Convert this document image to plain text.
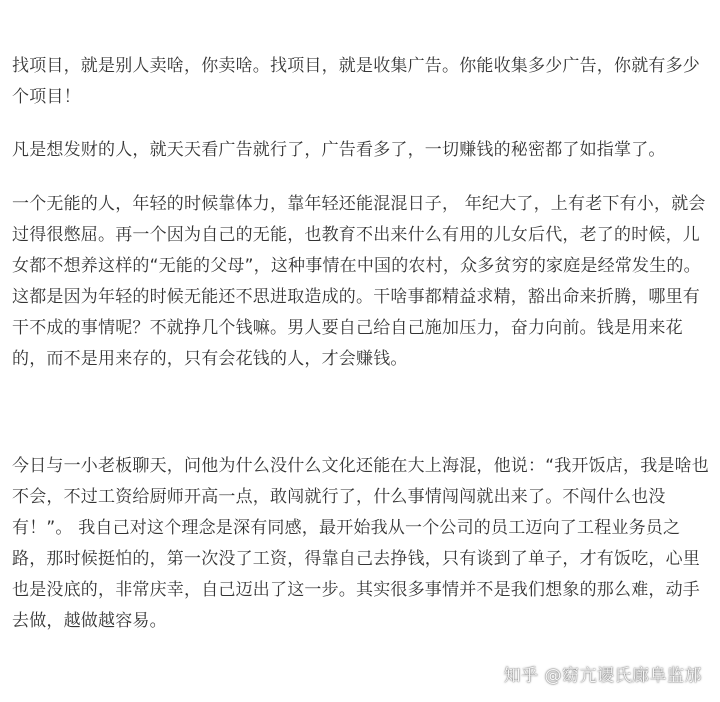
找项目，就是别人卖啥，你卖啥。找项目，就是收集广告。你能收集多少广告，你就有多少个项目！

凡是想发财的人，就天天看广告就行了，广告看多了，一切赚钱的秘密都了如指掌了。

一个无能的人，年轻的时候靠体力，靠年轻还能混混日子， 年纪大了，上有老下有小，就会过得很憋屈。再一个因为自己的无能，也教育不出来什么有用的儿女后代，老了的时候，儿女都不想养这样的“无能的父母”，这种事情在中国的农村，众多贫穷的家庭是经常发生的。 这都是因为年轻的时候无能还不思进取造成的。干啥事都精益求精，豁出命来折腾，哪里有干不成的事情呢？不就挣几个钱嘛。男人要自己给自己施加压力，奋力向前。钱是用来花的，而不是用来存的，只有会花钱的人，才会赚钱。

今日与一小老板聊天，问他为什么没什么文化还能在大上海混，他说：“我开饭店，我是啥也不会，不过工资给厨师开高一点，敢闯就行了，什么事情闯闯就出来了。不闯什么也没有！”。 我自己对这个理念是深有同感，最开始我从一个公司的员工迈向了工程业务员之路，那时候挺怕的，第一次没了工资，得靠自己去挣钱，只有谈到了单子，才有饭吃，心里也是没底的，非常庆幸，自己迈出了这一步。其实很多事情并不是我们想象的那么难，动手去做，越做越容易。

知乎 @窈亢谡氏廊阜监邡
